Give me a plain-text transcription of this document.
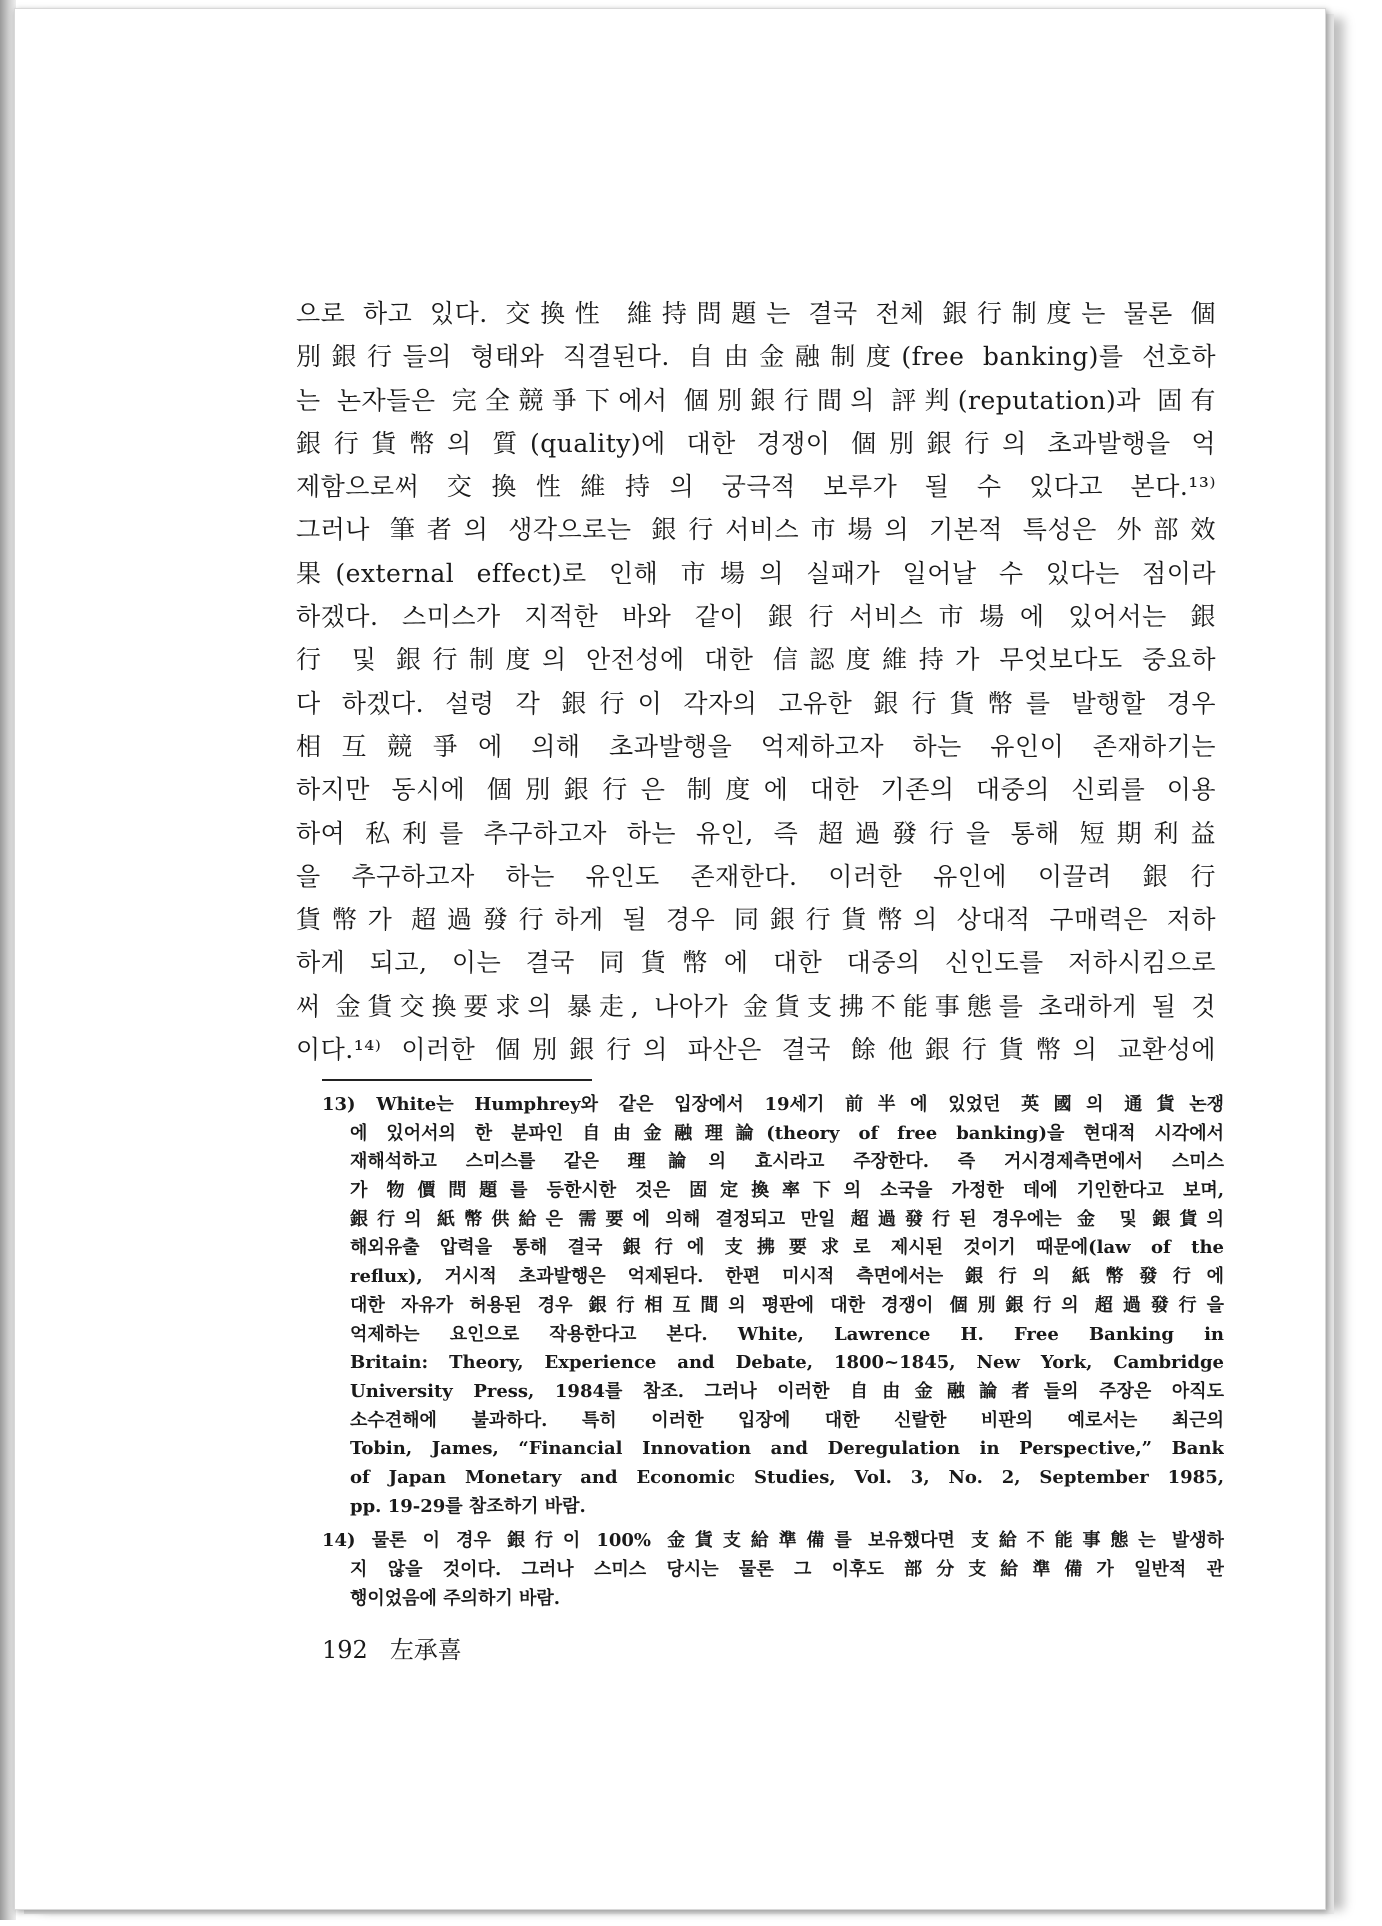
으로 하고 있다. 交換性 維持問題는 결국 전체 銀行制度는 물론 個
別銀行들의 형태와 직결된다. 自由金融制度(free banking)를 선호하
는 논자들은 完全競爭下에서 個別銀行間의 評判(reputation)과 固有
銀行貨幣의 質(quality)에 대한 경쟁이 個別銀行의 초과발행을 억
제함으로써 交換性維持의 궁극적 보루가 될 수 있다고 본다.¹³⁾
그러나 筆者의 생각으로는 銀行서비스市場의 기본적 특성은 外部效
果(external effect)로 인해 市場의 실패가 일어날 수 있다는 점이라
하겠다. 스미스가 지적한 바와 같이 銀行서비스市場에 있어서는 銀
行 및 銀行制度의 안전성에 대한 信認度維持가 무엇보다도 중요하
다 하겠다. 설령 각 銀行이 각자의 고유한 銀行貨幣를 발행할 경우
相互競爭에 의해 초과발행을 억제하고자 하는 유인이 존재하기는
하지만 동시에 個別銀行은 制度에 대한 기존의 대중의 신뢰를 이용
하여 私利를 추구하고자 하는 유인, 즉 超過發行을 통해 短期利益
을 추구하고자 하는 유인도 존재한다. 이러한 유인에 이끌려 銀行
貨幣가 超過發行하게 될 경우 同銀行貨幣의 상대적 구매력은 저하
하게 되고, 이는 결국 同貨幣에 대한 대중의 신인도를 저하시킴으로
써 金貨交換要求의 暴走, 나아가 金貨支拂不能事態를 초래하게 될 것
이다.¹⁴⁾ 이러한 個別銀行의 파산은 결국 餘他銀行貨幣의 교환성에
13) White는 Humphrey와 같은 입장에서 19세기 前半에 있었던 英國의 通貨논쟁
에 있어서의 한 분파인 自由金融理論(theory of free banking)을 현대적 시각에서
재해석하고 스미스를 같은 理論의 효시라고 주장한다. 즉 거시경제측면에서 스미스
가 物價問題를 등한시한 것은 固定換率下의 소국을 가정한 데에 기인한다고 보며,
銀行의 紙幣供給은 需要에 의해 결정되고 만일 超過發行된 경우에는 金 및 銀貨의
해외유출 압력을 통해 결국 銀行에 支拂要求로 제시된 것이기 때문에(law of the
reflux), 거시적 초과발행은 억제된다. 한편 미시적 측면에서는 銀行의 紙幣發行에
대한 자유가 허용된 경우 銀行相互間의 평판에 대한 경쟁이 個別銀行의 超過發行을
억제하는 요인으로 작용한다고 본다. White, Lawrence H. Free Banking in
Britain: Theory, Experience and Debate, 1800~1845, New York, Cambridge
University Press, 1984를 참조. 그러나 이러한 自由金融論者들의 주장은 아직도
소수견해에 불과하다. 특히 이러한 입장에 대한 신랄한 비판의 예로서는 최근의
Tobin, James, “Financial Innovation and Deregulation in Perspective,” Bank
of Japan Monetary and Economic Studies, Vol. 3, No. 2, September 1985,
pp. 19-29를 참조하기 바람.
14) 물론 이 경우 銀行이 100% 金貨支給準備를 보유했다면 支給不能事態는 발생하
지 않을 것이다. 그러나 스미스 당시는 물론 그 이후도 部分支給準備가 일반적 관
행이었음에 주의하기 바람.
192 左承喜
